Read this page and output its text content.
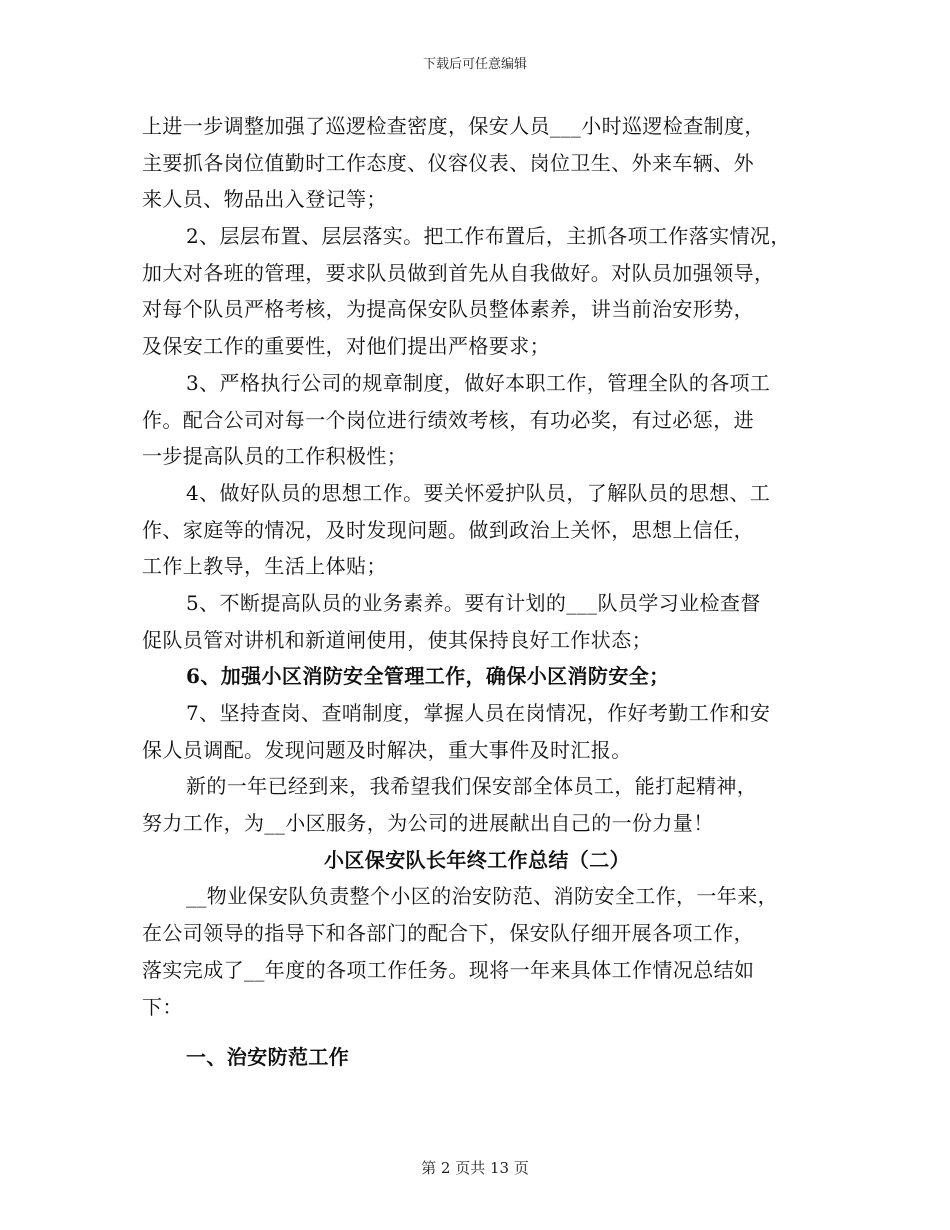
下载后可任意编辑
上进一步调整加强了巡逻检查密度，保安人员___小时巡逻检查制度，
主要抓各岗位值勤时工作态度、仪容仪表、岗位卫生、外来车辆、外
来人员、物品出入登记等；
2、层层布置、层层落实。把工作布置后，主抓各项工作落实情况，
加大对各班的管理，要求队员做到首先从自我做好。对队员加强领导，
对每个队员严格考核，为提高保安队员整体素养，讲当前治安形势，
及保安工作的重要性，对他们提出严格要求；
3、严格执行公司的规章制度，做好本职工作，管理全队的各项工
作。配合公司对每一个岗位进行绩效考核，有功必奖，有过必惩，进
一步提高队员的工作积极性；
4、做好队员的思想工作。要关怀爱护队员，了解队员的思想、工
作、家庭等的情况，及时发现问题。做到政治上关怀，思想上信任，
工作上教导，生活上体贴；
5、不断提高队员的业务素养。要有计划的___队员学习业检查督
促队员管对讲机和新道闸使用，使其保持良好工作状态；
6、加强小区消防安全管理工作，确保小区消防安全；
7、坚持查岗、查哨制度，掌握人员在岗情况，作好考勤工作和安
保人员调配。发现问题及时解决，重大事件及时汇报。
新的一年已经到来，我希望我们保安部全体员工，能打起精神，
努力工作，为__小区服务，为公司的进展献出自己的一份力量！
小区保安队长年终工作总结（二）
__物业保安队负责整个小区的治安防范、消防安全工作，一年来，
在公司领导的指导下和各部门的配合下，保安队仔细开展各项工作，
落实完成了__年度的各项工作任务。现将一年来具体工作情况总结如
下：
一、治安防范工作
第 2 页共 13 页
